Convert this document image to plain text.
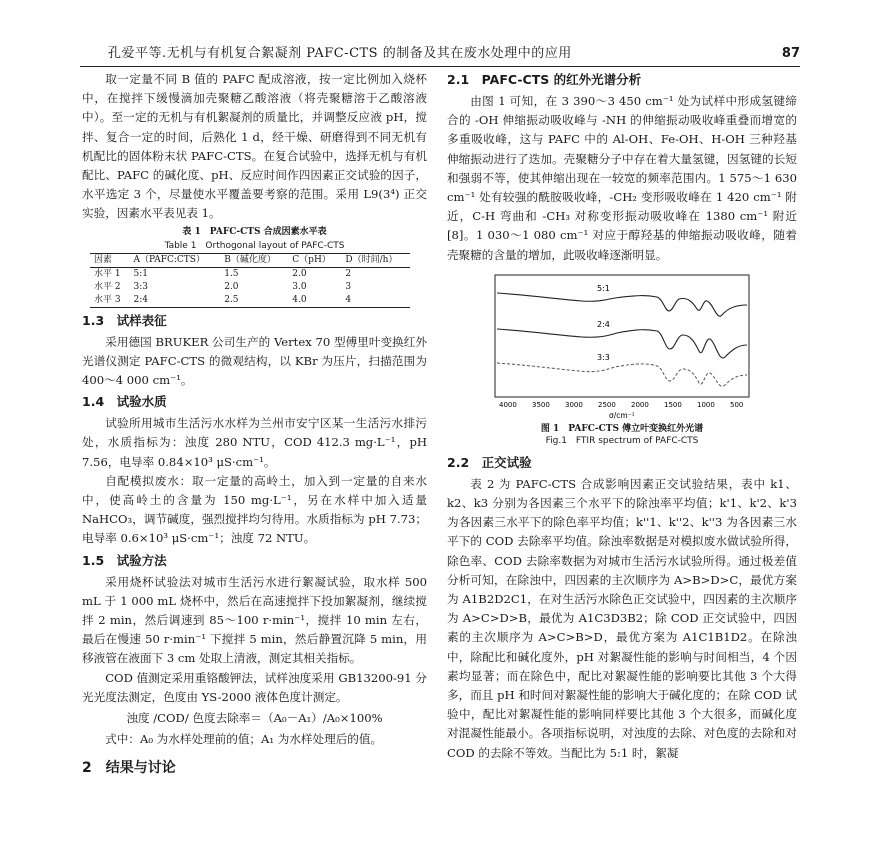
孔爱平等.无机与有机复合絮凝剂 PAFC-CTS 的制备及其在废水处理中的应用	87

取一定量不同 B 值的 PAFC 配成溶液，按一定比例加入烧杯中，在搅拌下缓慢滴加壳聚糖乙酸溶液（将壳聚糖溶于乙酸溶液中）。至一定的无机与有机絮凝剂的质量比，并调整反应液 pH，搅拌、复合一定的时间，后熟化 1 d，经干燥、研磨得到不同无机有机配比的固体粉末状 PAFC-CTS。在复合试验中，选择无机与有机配比、PAFC 的碱化度、pH、反应时间作四因素正交试验的因子，水平选定 3 个，尽量使水平覆盖要考察的范围。采用 L9(3⁴) 正交实验，因素水平表见表 1。

表 1　PAFC-CTS 合成因素水平表
Table 1　Orthogonal layout of PAFC-CTS
因素	A（PAFC:CTS）	B（碱化度）	C（pH）	D（时间/h）
水平 1	5:1	1.5	2.0	2
水平 2	3:3	2.0	3.0	3
水平 3	2:4	2.5	4.0	4
1.3　试样表征

采用德国 BRUKER 公司生产的 Vertex 70 型傅里叶变换红外光谱仪测定 PAFC-CTS 的微观结构，以 KBr 为压片，扫描范围为 400～4 000 cm⁻¹。

1.4　试验水质

试验所用城市生活污水水样为兰州市安宁区某一生活污水排污处，水质指标为：浊度 280 NTU，COD 412.3 mg·L⁻¹，pH 7.56，电导率 0.84×10³ μS·cm⁻¹。

自配模拟废水：取一定量的高岭土，加入到一定量的自来水中，使高岭土的含量为 150 mg·L⁻¹，另在水样中加入适量 NaHCO₃，调节碱度，强烈搅拌均匀待用。水质指标为 pH 7.73；电导率 0.6×10³ μS·cm⁻¹；浊度 72 NTU。

1.5　试验方法

采用烧杯试验法对城市生活污水进行絮凝试验，取水样 500 mL 于 1 000 mL 烧杯中，然后在高速搅拌下投加絮凝剂，继续搅拌 2 min，然后调速到 85～100 r·min⁻¹，搅拌 10 min 左右，最后在慢速 50 r·min⁻¹ 下搅拌 5 min，然后静置沉降 5 min，用移液管在液面下 3 cm 处取上清液，测定其相关指标。

COD 值测定采用重铬酸钾法，试样浊度采用 GB13200-91 分光光度法测定，色度由 YS-2000 液体色度计测定。

浊度 /COD/ 色度去除率＝（A₀－A₁）/A₀×100%

式中：A₀ 为水样处理前的值；A₁ 为水样处理后的值。

2　结果与讨论
2.1　PAFC-CTS 的红外光谱分析

由图 1 可知，在 3 390～3 450 cm⁻¹ 处为试样中形成氢键缔合的 -OH 伸缩振动吸收峰与 -NH 的伸缩振动吸收峰重叠而增宽的多重吸收峰，这与 PAFC 中的 Al-OH、Fe-OH、H-OH 三种羟基伸缩振动进行了迭加。壳聚糖分子中存在着大量氢键，因氢键的长短和强弱不等，使其伸缩出现在一较宽的频率范围内。1 575～1 630 cm⁻¹ 处有较强的酰胺吸收峰，-CH₂ 变形吸收峰在 1 420 cm⁻¹ 附近，C-H 弯曲和 -CH₃ 对称变形振动吸收峰在 1380 cm⁻¹ 附近[8]。1 030～1 080 cm⁻¹ 对应于醇羟基的伸缩振动吸收峰，随着壳聚糖的含量的增加，此吸收峰逐渐明显。

5:1
2:4
3:3
4000 3500 3000 2500 2000 1500 1000 500
σ/cm⁻¹
图 1　PAFC-CTS 傅立叶变换红外光谱
Fig.1　FTIR spectrum of PAFC-CTS
2.2　正交试验

表 2 为 PAFC-CTS 合成影响因素正交试验结果，表中 k1、k2、k3 分别为各因素三个水平下的除浊率平均值；k'1、k'2、k'3 为各因素三水平下的除色率平均值；k''1、k''2、k''3 为各因素三水平下的 COD 去除率平均值。除浊率数据是对模拟废水做试验所得，除色率、COD 去除率数据为对城市生活污水试验所得。通过极差值分析可知，在除浊中，四因素的主次顺序为 A>B>D>C，最优方案为 A1B2D2C1，在对生活污水除色正交试验中，四因素的主次顺序为 A>C>D>B，最优为 A1C3D3B2；除 COD 正交试验中，四因素的主次顺序为 A>C>B>D，最优方案为 A1C1B1D2。在除浊中，除配比和碱化度外，pH 对絮凝性能的影响与时间相当，4 个因素均显著；而在除色中，配比对絮凝性能的影响要比其他 3 个大得多，而且 pH 和时间对絮凝性能的影响大于碱化度的；在除 COD 试验中，配比对絮凝性能的影响同样要比其他 3 个大很多，而碱化度对混凝性能最小。各项指标说明，对浊度的去除、对色度的去除和对 COD 的去除不等效。当配比为 5:1 时，絮凝
